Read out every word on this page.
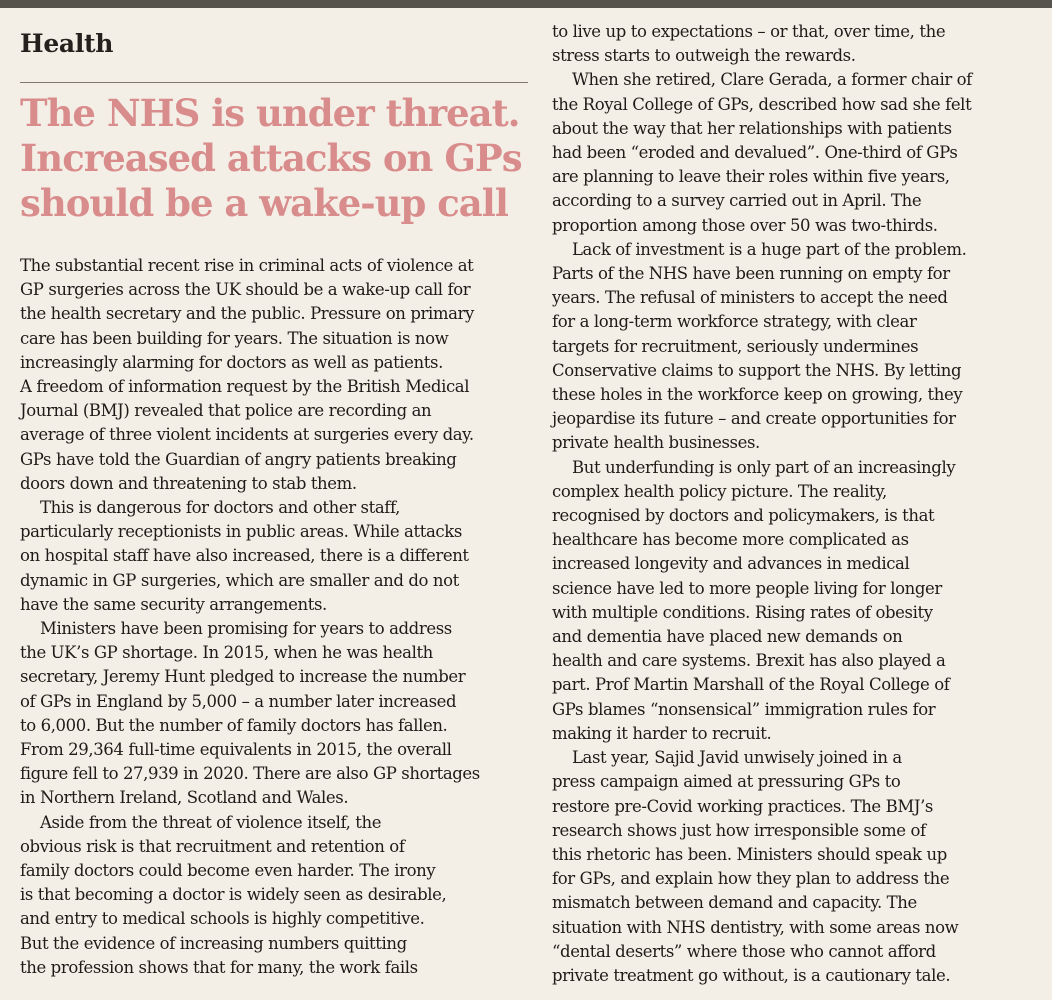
Health
The NHS is under threat.
Increased attacks on GPs
should be a wake-up call

The substantial recent rise in criminal acts of violence at
GP surgeries across the UK should be a wake-up call for
the health secretary and the public. Pressure on primary
care has been building for years. The situation is now
increasingly alarming for doctors as well as patients.
A freedom of information request by the British Medical
Journal (BMJ) revealed that police are recording an
average of three violent incidents at surgeries every day.
GPs have told the Guardian of angry patients breaking
doors down and threatening to stab them.

This is dangerous for doctors and other staff,
particularly receptionists in public areas. While attacks
on hospital staff have also increased, there is a different
dynamic in GP surgeries, which are smaller and do not
have the same security arrangements.

Ministers have been promising for years to address
the UK’s GP shortage. In 2015, when he was health
secretary, Jeremy Hunt pledged to increase the number
of GPs in England by 5,000 – a number later increased
to 6,000. But the number of family doctors has fallen.
From 29,364 full-time equivalents in 2015, the overall
figure fell to 27,939 in 2020. There are also GP shortages
in Northern Ireland, Scotland and Wales.

Aside from the threat of violence itself, the
obvious risk is that recruitment and retention of
family doctors could become even harder. The irony
is that becoming a doctor is widely seen as desirable,
and entry to medical schools is highly competitive.
But the evidence of increasing numbers quitting
the profession shows that for many, the work fails

to live up to expectations – or that, over time, the
stress starts to outweigh the rewards.

When she retired, Clare Gerada, a former chair of
the Royal College of GPs, described how sad she felt
about the way that her relationships with patients
had been “eroded and devalued”. One-third of GPs
are planning to leave their roles within five years,
according to a survey carried out in April. The
proportion among those over 50 was two-thirds.

Lack of investment is a huge part of the problem.
Parts of the NHS have been running on empty for
years. The refusal of ministers to accept the need
for a long-term workforce strategy, with clear
targets for recruitment, seriously undermines
Conservative claims to support the NHS. By letting
these holes in the workforce keep on growing, they
jeopardise its future – and create opportunities for
private health businesses.

But underfunding is only part of an increasingly
complex health policy picture. The reality,
recognised by doctors and policymakers, is that
healthcare has become more complicated as
increased longevity and advances in medical
science have led to more people living for longer
with multiple conditions. Rising rates of obesity
and dementia have placed new demands on
health and care systems. Brexit has also played a
part. Prof Martin Marshall of the Royal College of
GPs blames “nonsensical” immigration rules for
making it harder to recruit.

Last year, Sajid Javid unwisely joined in a
press campaign aimed at pressuring GPs to
restore pre-Covid working practices. The BMJ’s
research shows just how irresponsible some of
this rhetoric has been. Ministers should speak up
for GPs, and explain how they plan to address the
mismatch between demand and capacity. The
situation with NHS dentistry, with some areas now
“dental deserts” where those who cannot afford
private treatment go without, is a cautionary tale.
